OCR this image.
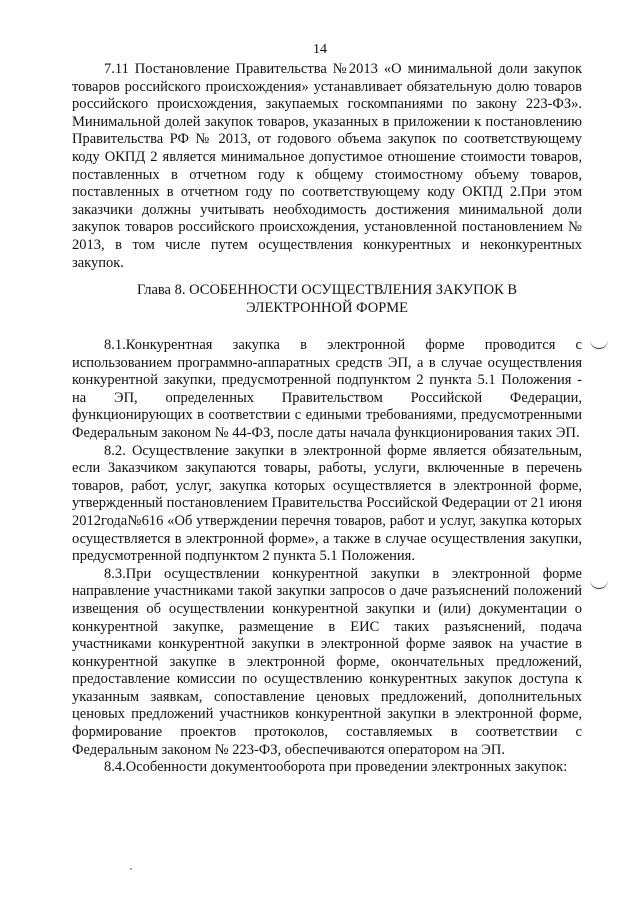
14

7.11 Постановление Правительства №2013 «О минимальной доли закупок товаров российского происхождения» устанавливает обязательную долю товаров российского происхождения, закупаемых госкомпаниями по закону 223-ФЗ». Минимальной долей закупок товаров, указанных в приложении к постановлению Правительства РФ № 2013, от годового объема закупок по соответствующему коду ОКПД 2 является минимальное допустимое отношение стоимости товаров, поставленных в отчетном году к общему стоимостному объему товаров, поставленных в отчетном году по соответствующему коду ОКПД 2.При этом заказчики должны учитывать необходимость достижения минимальной доли закупок товаров российского происхождения, установленной постановлением № 2013, в том числе путем осуществления конкурентных и неконкурентных закупок.

Глава 8. ОСОБЕННОСТИ ОСУЩЕСТВЛЕНИЯ ЗАКУПОК В
ЭЛЕКТРОННОЙ ФОРМЕ

8.1.Конкурентная закупка в электронной форме проводится с использованием программно-аппаратных средств ЭП, а в случае осуществления конкурентной закупки, предусмотренной подпунктом 2 пункта 5.1 Положения - на ЭП, определенных Правительством Российской Федерации, функционирующих в соответствии с едиными требованиями, предусмотренными Федеральным законом № 44-ФЗ, после даты начала функционирования таких ЭП.

8.2. Осуществление закупки в электронной форме является обязательным, если Заказчиком закупаются товары, работы, услуги, включенные в перечень товаров, работ, услуг, закупка которых осуществляется в электронной форме, утвержденный постановлением Правительства Российской Федерации от 21 июня 2012года№616 «Об утверждении перечня товаров, работ и услуг, закупка которых осуществляется в электронной форме», а также в случае осуществления закупки, предусмотренной подпунктом 2 пункта 5.1 Положения.

8.3.При осуществлении конкурентной закупки в электронной форме направление участниками такой закупки запросов о даче разъяснений положений извещения об осуществлении конкурентной закупки и (или) документации о конкурентной закупке, размещение в ЕИС таких разъяснений, подача участниками конкурентной закупки в электронной форме заявок на участие в конкурентной закупке в электронной форме, окончательных предложений, предоставление комиссии по осуществлению конкурентных закупок доступа к указанным заявкам, сопоставление ценовых предложений, дополнительных ценовых предложений участников конкурентной закупки в электронной форме, формирование проектов протоколов, составляемых в соответствии с Федеральным законом № 223-ФЗ, обеспечиваются оператором на ЭП.

8.4.Особенности документооборота при проведении электронных закупок:
